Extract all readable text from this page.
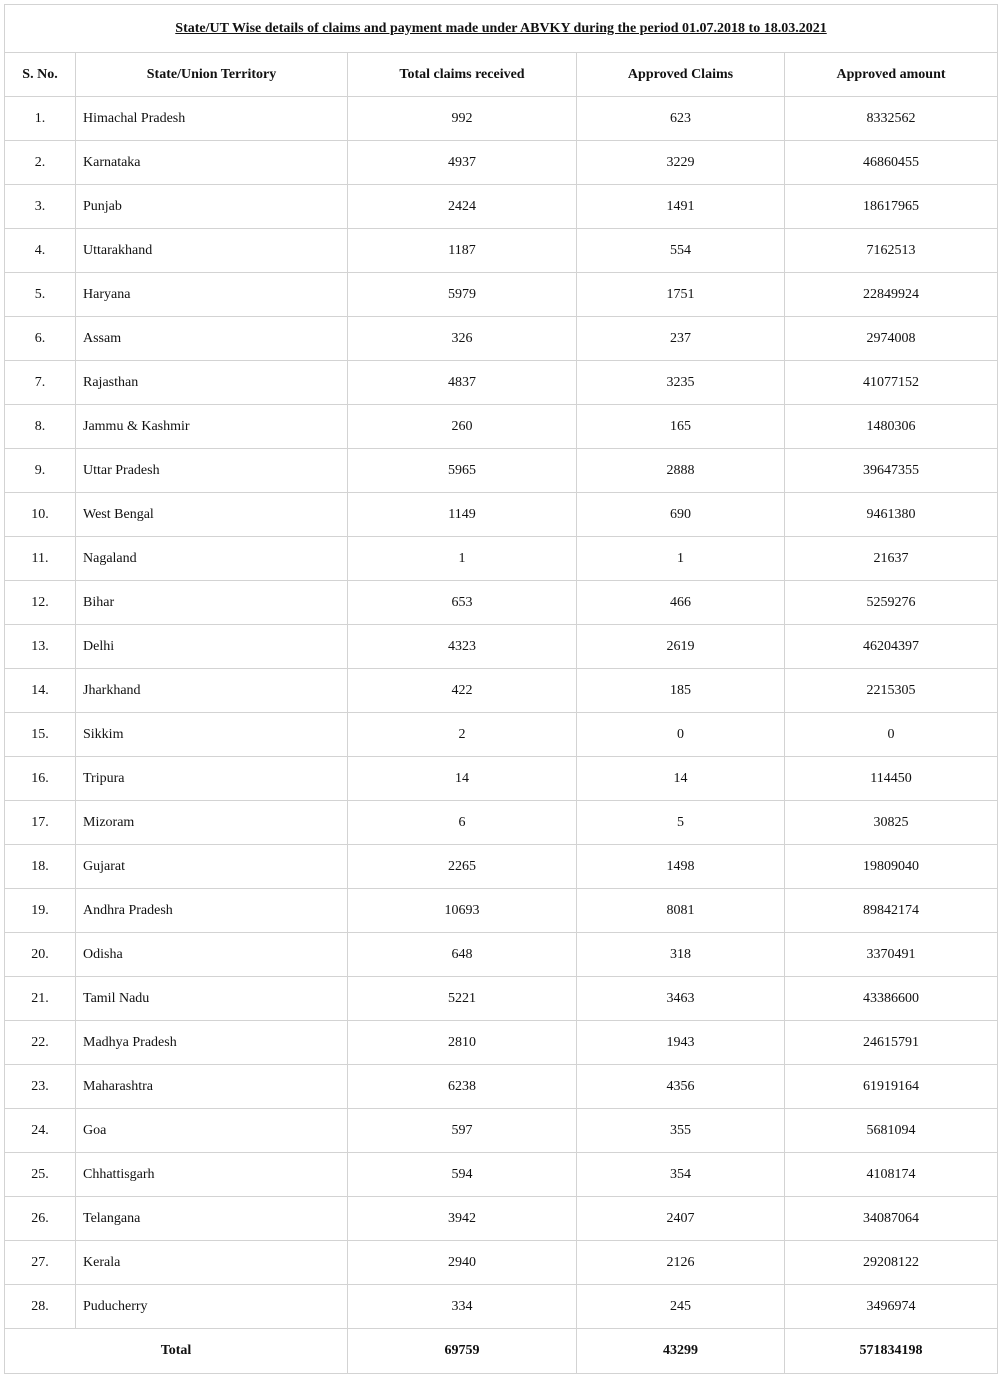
State/UT Wise details of claims and payment made under ABVKY during the period 01.07.2018 to 18.03.2021				
S. No.	State/Union Territory	Total claims received	Approved Claims	Approved amount
1.	Himachal Pradesh	992	623	8332562
2.	Karnataka	4937	3229	46860455
3.	Punjab	2424	1491	18617965
4.	Uttarakhand	1187	554	7162513
5.	Haryana	5979	1751	22849924
6.	Assam	326	237	2974008
7.	Rajasthan	4837	3235	41077152
8.	Jammu & Kashmir	260	165	1480306
9.	Uttar Pradesh	5965	2888	39647355
10.	West Bengal	1149	690	9461380
11.	Nagaland	1	1	21637
12.	Bihar	653	466	5259276
13.	Delhi	4323	2619	46204397
14.	Jharkhand	422	185	2215305
15.	Sikkim	2	0	0
16.	Tripura	14	14	114450
17.	Mizoram	6	5	30825
18.	Gujarat	2265	1498	19809040
19.	Andhra Pradesh	10693	8081	89842174
20.	Odisha	648	318	3370491
21.	Tamil Nadu	5221	3463	43386600
22.	Madhya Pradesh	2810	1943	24615791
23.	Maharashtra	6238	4356	61919164
24.	Goa	597	355	5681094
25.	Chhattisgarh	594	354	4108174
26.	Telangana	3942	2407	34087064
27.	Kerala	2940	2126	29208122
28.	Puducherry	334	245	3496974
Total		69759	43299	571834198
